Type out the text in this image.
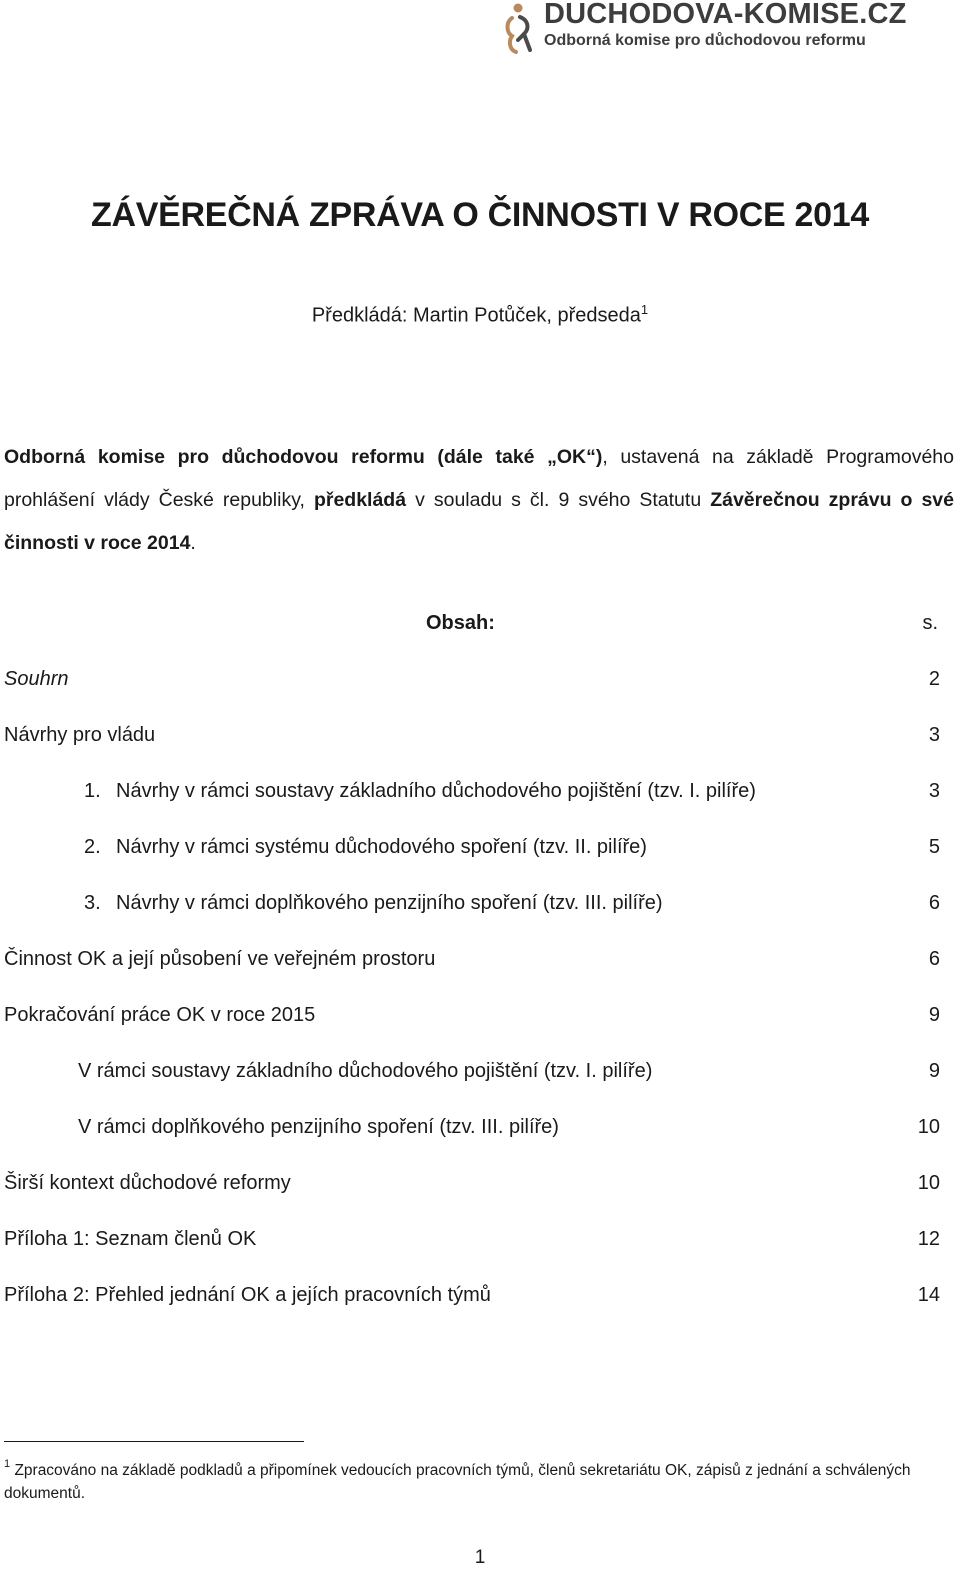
DUCHODOVA-KOMISE.CZ
Odborná komise pro důchodovou reformu
ZÁVĚREČNÁ ZPRÁVA O ČINNOSTI V ROCE 2014
Předkládá: Martin Potůček, předseda$^1$
Odborná komise pro důchodovou reformu (dále také „OK“), ustavená na základě Programového prohlášení vlády České republiky, předkládá v souladu s čl. 9 svého Statutu Závěrečnou zprávu o své činnosti v roce 2014.
Obsah:	s.
Souhrn	2
Návrhy pro vládu	3
1. Návrhy v rámci soustavy základního důchodového pojištění (tzv. I. pilíře)	3
2. Návrhy v rámci systému důchodového spoření (tzv. II. pilíře)	5
3. Návrhy v rámci doplňkového penzijního spoření (tzv. III. pilíře)	6
Činnost OK a její působení ve veřejném prostoru	6
Pokračování práce OK v roce 2015	9
V rámci soustavy základního důchodového pojištění (tzv. I. pilíře)	9
V rámci doplňkového penzijního spoření (tzv. III. pilíře)	10
Širší kontext důchodové reformy	10
Příloha 1: Seznam členů OK	12
Příloha 2: Přehled jednání OK a jejích pracovních týmů	14
$^1$ Zpracováno na základě podkladů a připomínek vedoucích pracovních týmů, členů sekretariátu OK, zápisů z jednání a schválených dokumentů.
1
